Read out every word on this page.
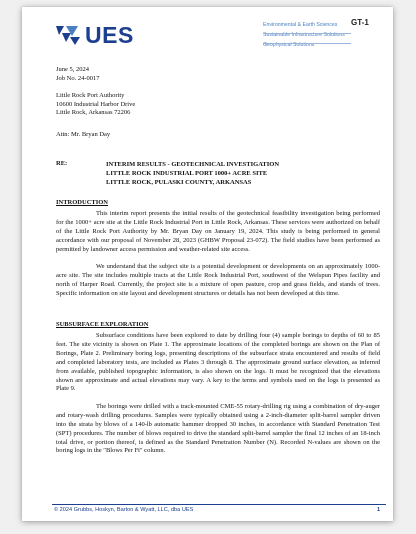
UES	Environmental & Earth Sciences
Sustainable Infrastructure Solutions
Geophysical Solutions
GT-1
June 5, 2024
Job No. 24-0017
Little Rock Port Authority
10600 Industrial Harbor Drive
Little Rock, Arkansas 72206
Attn: Mr. Bryan Day
RE:	INTERIM RESULTS - GEOTECHNICAL INVESTIGATION
LITTLE ROCK INDUSTRIAL PORT 1000+ ACRE SITE
LITTLE ROCK, PULASKI COUNTY, ARKANSAS
INTRODUCTION

This interim report presents the initial results of the geotechnical feasibility investigation being performed for the 1000+ acre site at the Little Rock Industrial Port in Little Rock, Arkansas. These services were authorized on behalf of the Little Rock Port Authority by Mr. Bryan Day on January 19, 2024. This study is being performed in general accordance with our proposal of November 28, 2023 (GHBW Proposal 23-072). The field studies have been performed as permitted by landowner access permission and weather-related site access.

We understand that the subject site is a potential development or developments on an approximately 1000-acre site. The site includes multiple tracts at the Little Rock Industrial Port, southwest of the Welspun Pipes facility and north of Harper Road. Currently, the project site is a mixture of open pasture, crop and grass fields, and stands of trees. Specific information on site layout and development structures or details has not been developed at this time.

SUBSURFACE EXPLORATION

Subsurface conditions have been explored to date by drilling four (4) sample borings to depths of 60 to 85 feet. The site vicinity is shown on Plate 1. The approximate locations of the completed borings are shown on the Plan of Borings, Plate 2. Preliminary boring logs, presenting descriptions of the subsurface strata encountered and results of field and completed laboratory tests, are included as Plates 3 through 8. The approximate ground surface elevation, as inferred from available, published topographic information, is also shown on the logs. It must be recognized that the elevations shown are approximate and actual elevations may vary. A key to the terms and symbols used on the logs is presented as Plate 9.

The borings were drilled with a track-mounted CME-55 rotary-drilling rig using a combination of dry-auger and rotary-wash drilling procedures. Samples were typically obtained using a 2-inch-diameter split-barrel sampler driven into the strata by blows of a 140-lb automatic hammer dropped 30 inches, in accordance with Standard Penetration Test (SPT) procedures. The number of blows required to drive the standard split-barrel sampler the final 12 inches of an 18-inch total drive, or portion thereof, is defined as the Standard Penetration Number (N). Recorded N-values are shown on the boring logs in the "Blows Per Ft" column.

© 2024 Grubbs, Hoskyn, Barton & Wyatt, LLC, dba UES	1
